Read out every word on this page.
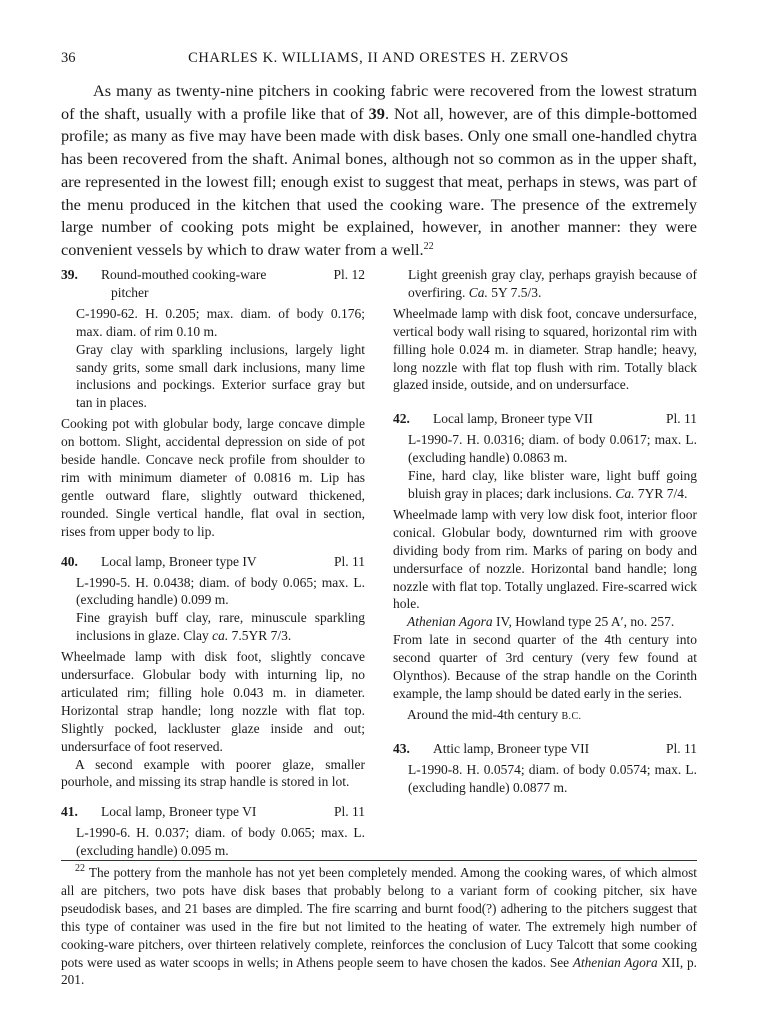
36	CHARLES K. WILLIAMS, II AND ORESTES H. ZERVOS

As many as twenty-nine pitchers in cooking fabric were recovered from the lowest stratum of the shaft, usually with a profile like that of 39. Not all, however, are of this dimple-bottomed profile; as many as five may have been made with disk bases. Only one small one-handled chytra has been recovered from the shaft. Animal bones, although not so common as in the upper shaft, are represented in the lowest fill; enough exist to suggest that meat, perhaps in stews, was part of the menu produced in the kitchen that used the cooking ware. The presence of the extremely large number of cooking pots might be explained, however, in another manner: they were convenient vessels by which to draw water from a well.$^{22}$

39. Round-mouthed cooking-ware
pitcher
Pl. 12

C-1990-62. H. 0.205; max. diam. of body 0.176; max. diam. of rim 0.10 m.

Gray clay with sparkling inclusions, largely light sandy grits, some small dark inclusions, many lime inclusions and pockings. Exterior surface gray but tan in places.

Cooking pot with globular body, large concave dimple on bottom. Slight, accidental depression on side of pot beside handle. Concave neck profile from shoulder to rim with minimum diameter of 0.0816 m. Lip has gentle outward flare, slightly outward thickened, rounded. Single vertical handle, flat oval in section, rises from upper body to lip.

40. Local lamp, Broneer type IV	Pl. 11

L-1990-5. H. 0.0438; diam. of body 0.065; max. L. (excluding handle) 0.099 m.

Fine grayish buff clay, rare, minuscule sparkling inclusions in glaze. Clay ca. 7.5YR 7/3.

Wheelmade lamp with disk foot, slightly concave undersurface. Globular body with inturning lip, no articulated rim; filling hole 0.043 m. in diameter. Horizontal strap handle; long nozzle with flat top. Slightly pocked, lackluster glaze inside and out; undersurface of foot reserved.

A second example with poorer glaze, smaller pourhole, and missing its strap handle is stored in lot.

41. Local lamp, Broneer type VI	Pl. 11

L-1990-6. H. 0.037; diam. of body 0.065; max. L. (excluding handle) 0.095 m.

Light greenish gray clay, perhaps grayish because of overfiring. Ca. 5Y 7.5/3.

Wheelmade lamp with disk foot, concave undersurface, vertical body wall rising to squared, horizontal rim with filling hole 0.024 m. in diameter. Strap handle; heavy, long nozzle with flat top flush with rim. Totally black glazed inside, outside, and on undersurface.

42. Local lamp, Broneer type VII	Pl. 11

L-1990-7. H. 0.0316; diam. of body 0.0617; max. L. (excluding handle) 0.0863 m.

Fine, hard clay, like blister ware, light buff going bluish gray in places; dark inclusions. Ca. 7YR 7/4.

Wheelmade lamp with very low disk foot, interior floor conical. Globular body, downturned rim with groove dividing body from rim. Marks of paring on body and undersurface of nozzle. Horizontal band handle; long nozzle with flat top. Totally unglazed. Fire-scarred wick hole.

Athenian Agora IV, Howland type 25 A′, no. 257.

From late in second quarter of the 4th century into second quarter of 3rd century (very few found at Olynthos). Because of the strap handle on the Corinth example, the lamp should be dated early in the series.

Around the mid-4th century B.C.

43. Attic lamp, Broneer type VII	Pl. 11

L-1990-8. H. 0.0574; diam. of body 0.0574; max. L. (excluding handle) 0.0877 m.

$^{22}$ The pottery from the manhole has not yet been completely mended. Among the cooking wares, of which almost all are pitchers, two pots have disk bases that probably belong to a variant form of cooking pitcher, six have pseudodisk bases, and 21 bases are dimpled. The fire scarring and burnt food(?) adhering to the pitchers suggest that this type of container was used in the fire but not limited to the heating of water. The extremely high number of cooking-ware pitchers, over thirteen relatively complete, reinforces the conclusion of Lucy Talcott that some cooking pots were used as water scoops in wells; in Athens people seem to have chosen the kados. See Athenian Agora XII, p. 201.
